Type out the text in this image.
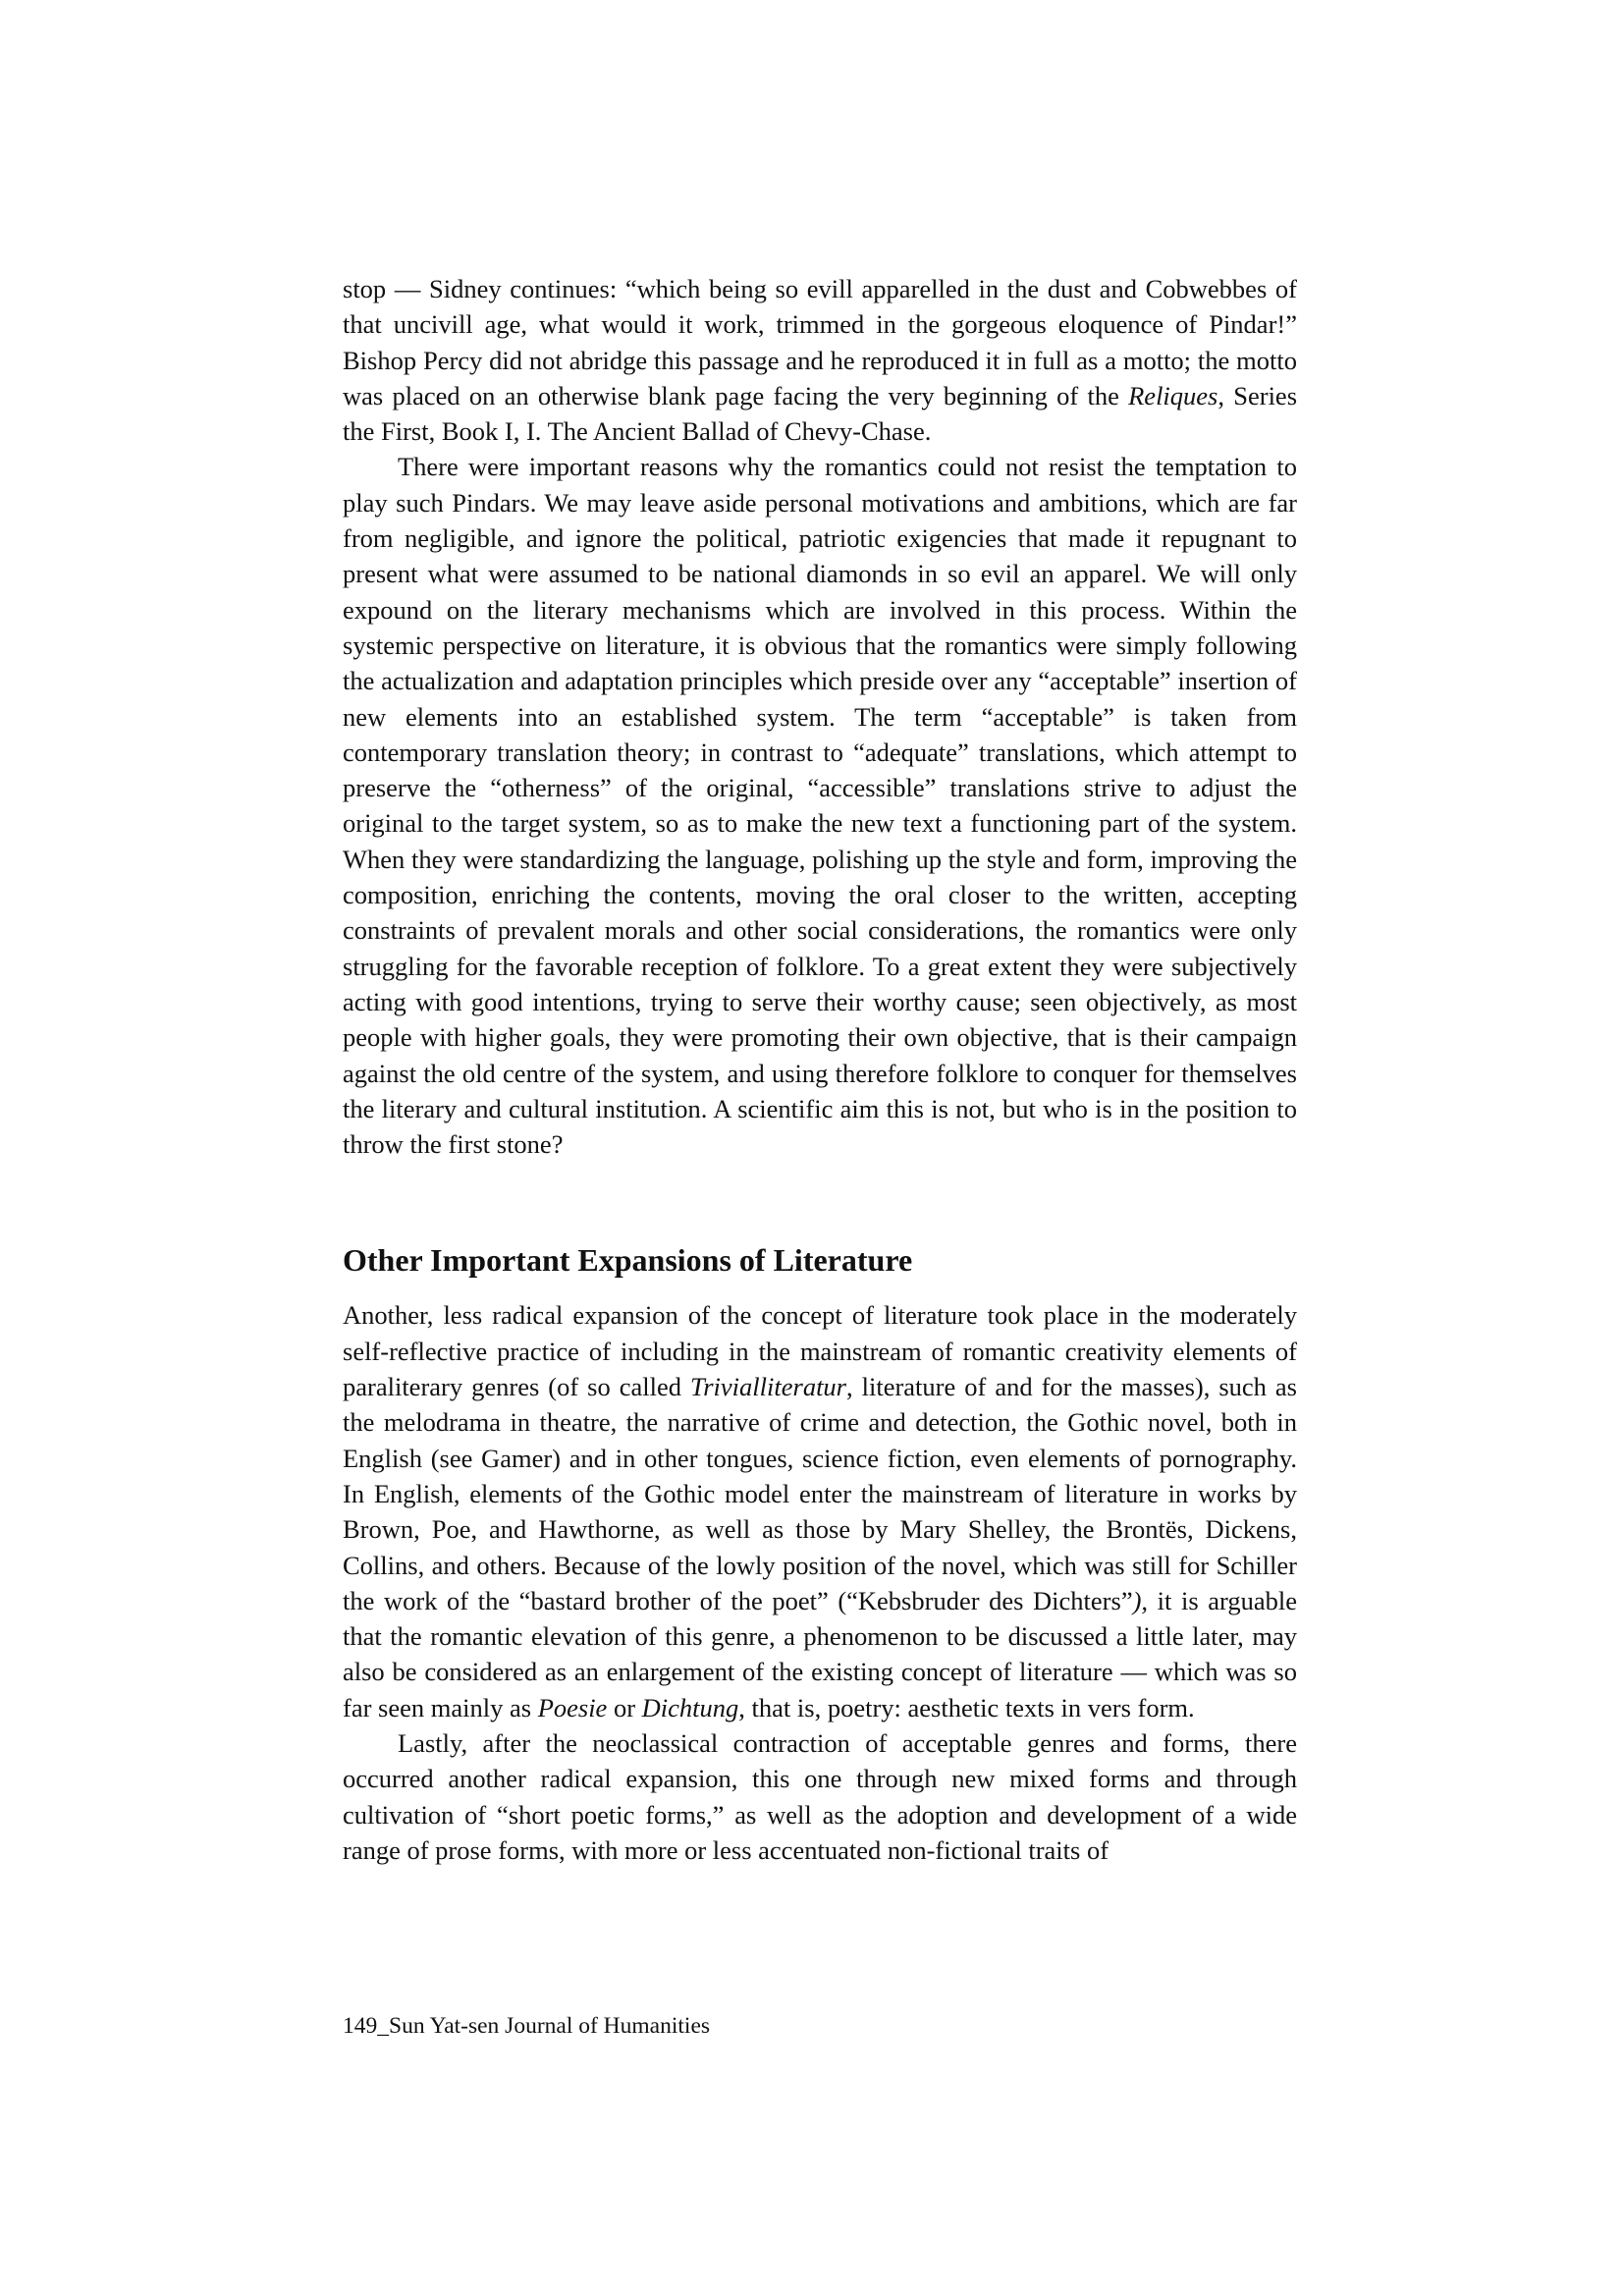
stop — Sidney continues: “which being so evill apparelled in the dust and Cobwebbes of that uncivill age, what would it work, trimmed in the gorgeous eloquence of Pindar!” Bishop Percy did not abridge this passage and he reproduced it in full as a motto; the motto was placed on an otherwise blank page facing the very beginning of the Reliques, Series the First, Book I, I. The Ancient Ballad of Chevy-Chase.

There were important reasons why the romantics could not resist the temptation to play such Pindars. We may leave aside personal motivations and ambitions, which are far from negligible, and ignore the political, patriotic exigencies that made it repugnant to present what were assumed to be national diamonds in so evil an apparel. We will only expound on the literary mechanisms which are involved in this process. Within the systemic perspective on literature, it is obvious that the romantics were simply following the actualization and adaptation principles which preside over any “acceptable” insertion of new elements into an established system. The term “acceptable” is taken from contemporary translation theory; in contrast to “adequate” translations, which attempt to preserve the “otherness” of the original, “accessible” translations strive to adjust the original to the target system, so as to make the new text a functioning part of the system. When they were standardizing the language, polishing up the style and form, improving the composition, enriching the contents, moving the oral closer to the written, accepting constraints of prevalent morals and other social considerations, the romantics were only struggling for the favorable reception of folklore. To a great extent they were subjectively acting with good intentions, trying to serve their worthy cause; seen objectively, as most people with higher goals, they were promoting their own objective, that is their campaign against the old centre of the system, and using therefore folklore to conquer for themselves the literary and cultural institution. A scientific aim this is not, but who is in the position to throw the first stone?

Other Important Expansions of Literature

Another, less radical expansion of the concept of literature took place in the moderately self-reflective practice of including in the mainstream of romantic creativity elements of paraliterary genres (of so called Trivialliteratur, literature of and for the masses), such as the melodrama in theatre, the narrative of crime and detection, the Gothic novel, both in English (see Gamer) and in other tongues, science fiction, even elements of pornography. In English, elements of the Gothic model enter the mainstream of literature in works by Brown, Poe, and Hawthorne, as well as those by Mary Shelley, the Brontës, Dickens, Collins, and others. Because of the lowly position of the novel, which was still for Schiller the work of the “bastard brother of the poet” (“Kebsbruder des Dichters”), it is arguable that the romantic elevation of this genre, a phenomenon to be discussed a little later, may also be considered as an enlargement of the existing concept of literature — which was so far seen mainly as Poesie or Dichtung, that is, poetry: aesthetic texts in vers form.

Lastly, after the neoclassical contraction of acceptable genres and forms, there occurred another radical expansion, this one through new mixed forms and through cultivation of “short poetic forms,” as well as the adoption and development of a wide range of prose forms, with more or less accentuated non-fictional traits of

149_Sun Yat-sen Journal of Humanities
